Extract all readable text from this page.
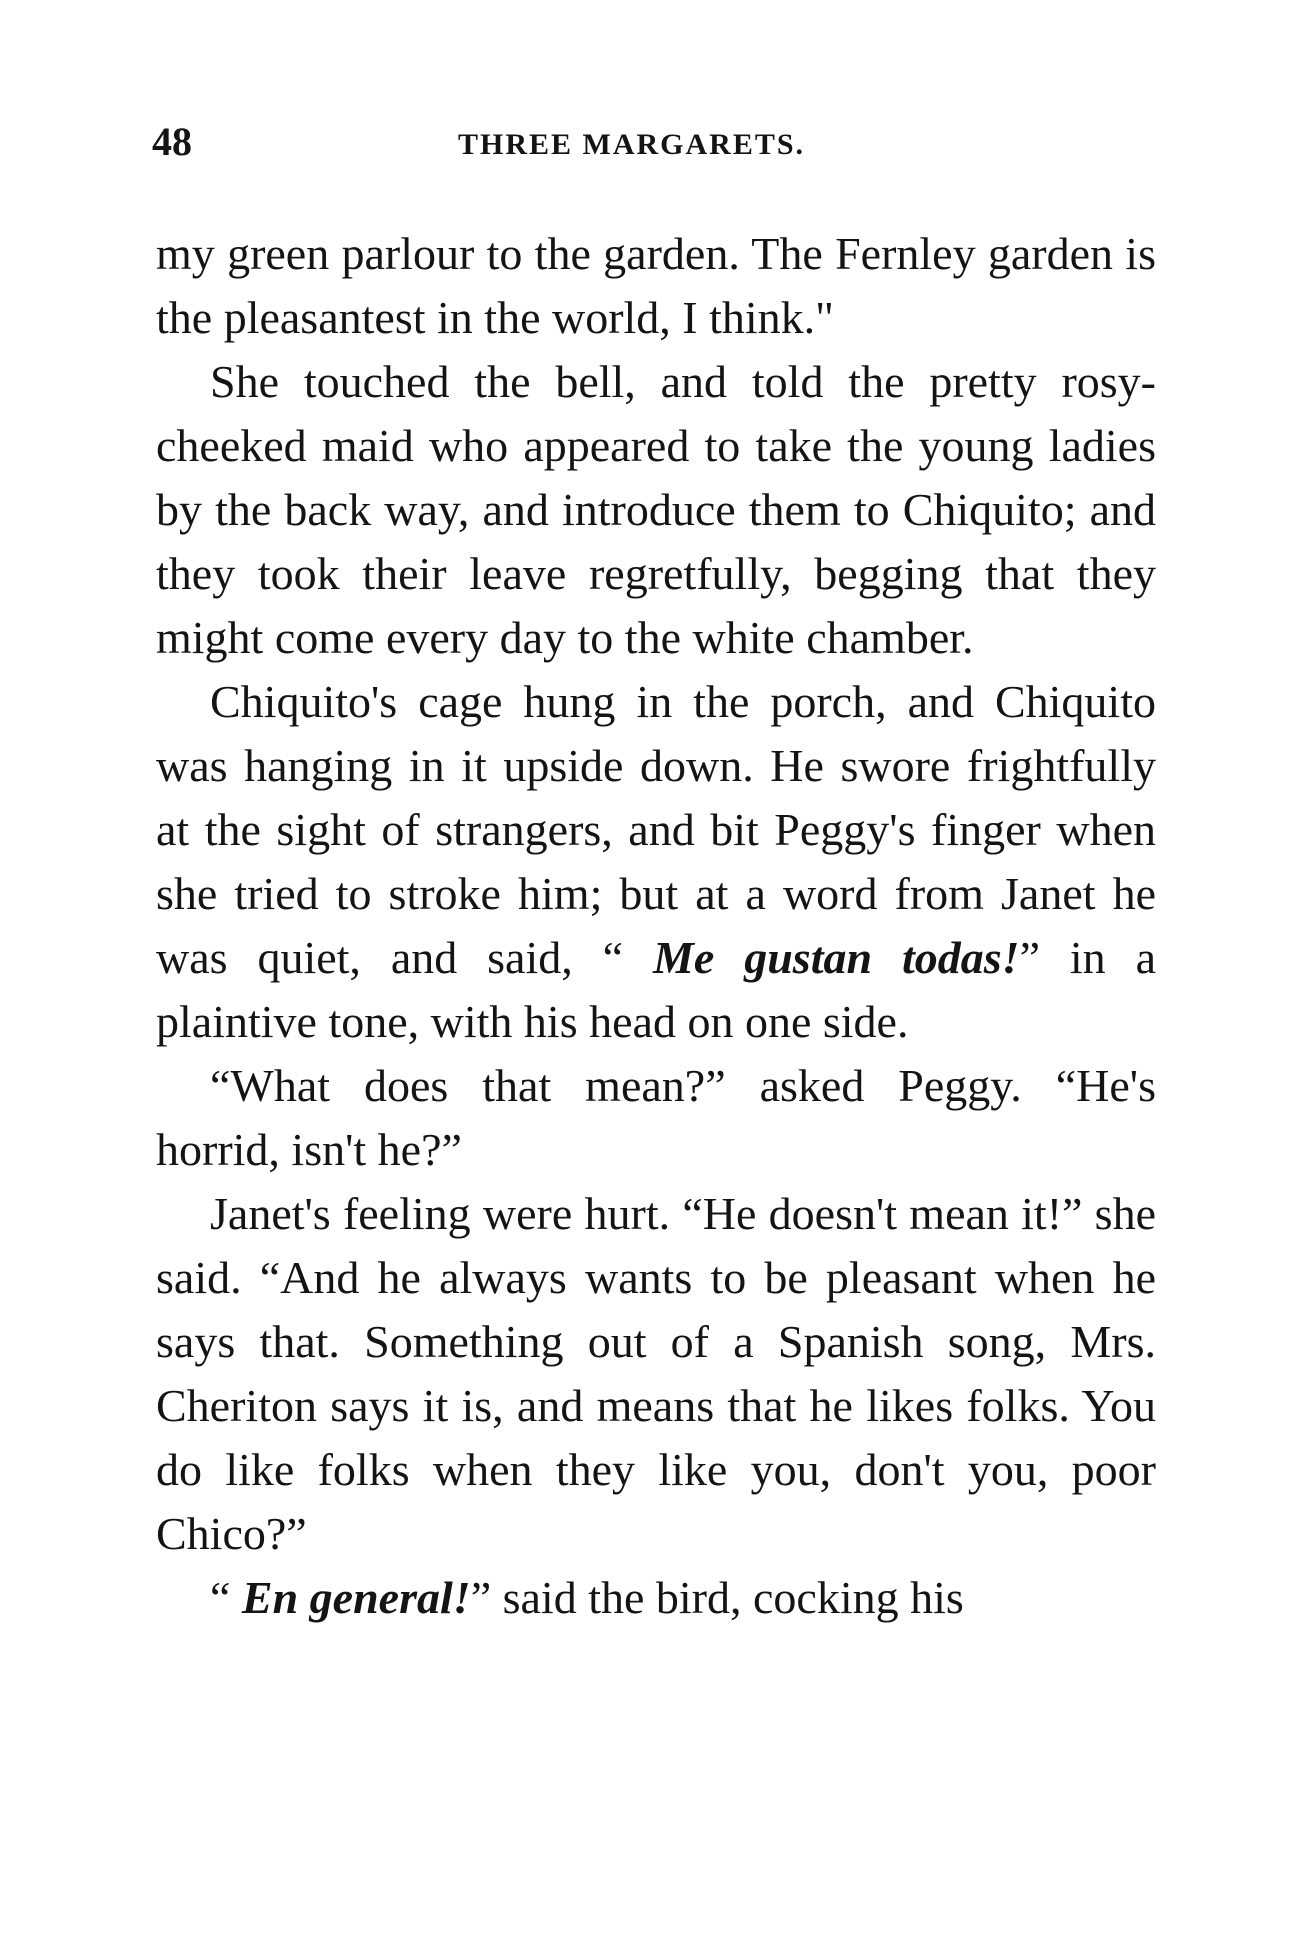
48	THREE MARGARETS.

my green parlour to the garden. The Fernley garden is the pleasantest in the world, I think."

She touched the bell, and told the pretty rosy-cheeked maid who appeared to take the young ladies by the back way, and introduce them to Chiquito; and they took their leave regretfully, begging that they might come every day to the white chamber.

Chiquito's cage hung in the porch, and Chiquito was hanging in it upside down. He swore frightfully at the sight of strangers, and bit Peggy's finger when she tried to stroke him; but at a word from Janet he was quiet, and said, “ Me gustan todas!” in a plaintive tone, with his head on one side.

“What does that mean?” asked Peggy. “He's horrid, isn't he?”

Janet's feeling were hurt. “He doesn't mean it!” she said. “And he always wants to be pleasant when he says that. Something out of a Spanish song, Mrs. Cheriton says it is, and means that he likes folks. You do like folks when they like you, don't you, poor Chico?”

“ En general!” said the bird, cocking his
